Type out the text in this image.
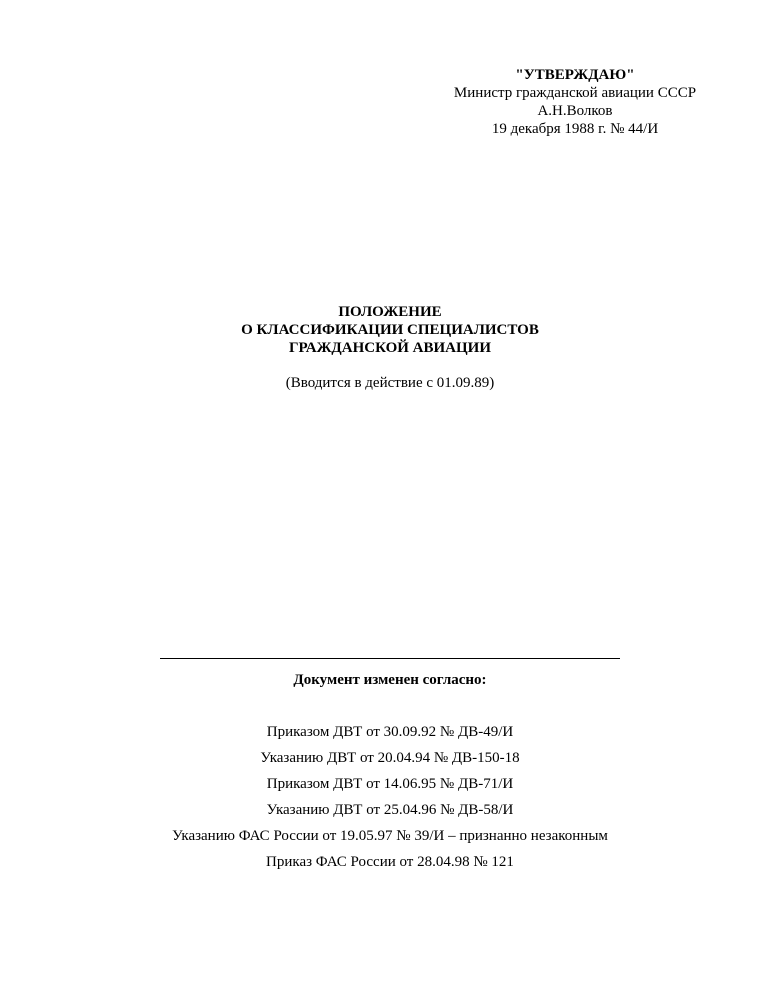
"УТВЕРЖДАЮ"
Министр гражданской авиации СССР
А.Н.Волков
19 декабря 1988 г. № 44/И
ПОЛОЖЕНИЕ
О КЛАССИФИКАЦИИ СПЕЦИАЛИСТОВ
ГРАЖДАНСКОЙ АВИАЦИИ
(Вводится в действие с 01.09.89)
Документ изменен согласно:
Приказом ДВТ от 30.09.92 № ДВ-49/И
Указанию ДВТ от 20.04.94 № ДВ-150-18
Приказом ДВТ от 14.06.95 № ДВ-71/И
Указанию ДВТ от 25.04.96 № ДВ-58/И
Указанию ФАС России от 19.05.97 № 39/И – признанно незаконным
Приказ ФАС России от 28.04.98 № 121
